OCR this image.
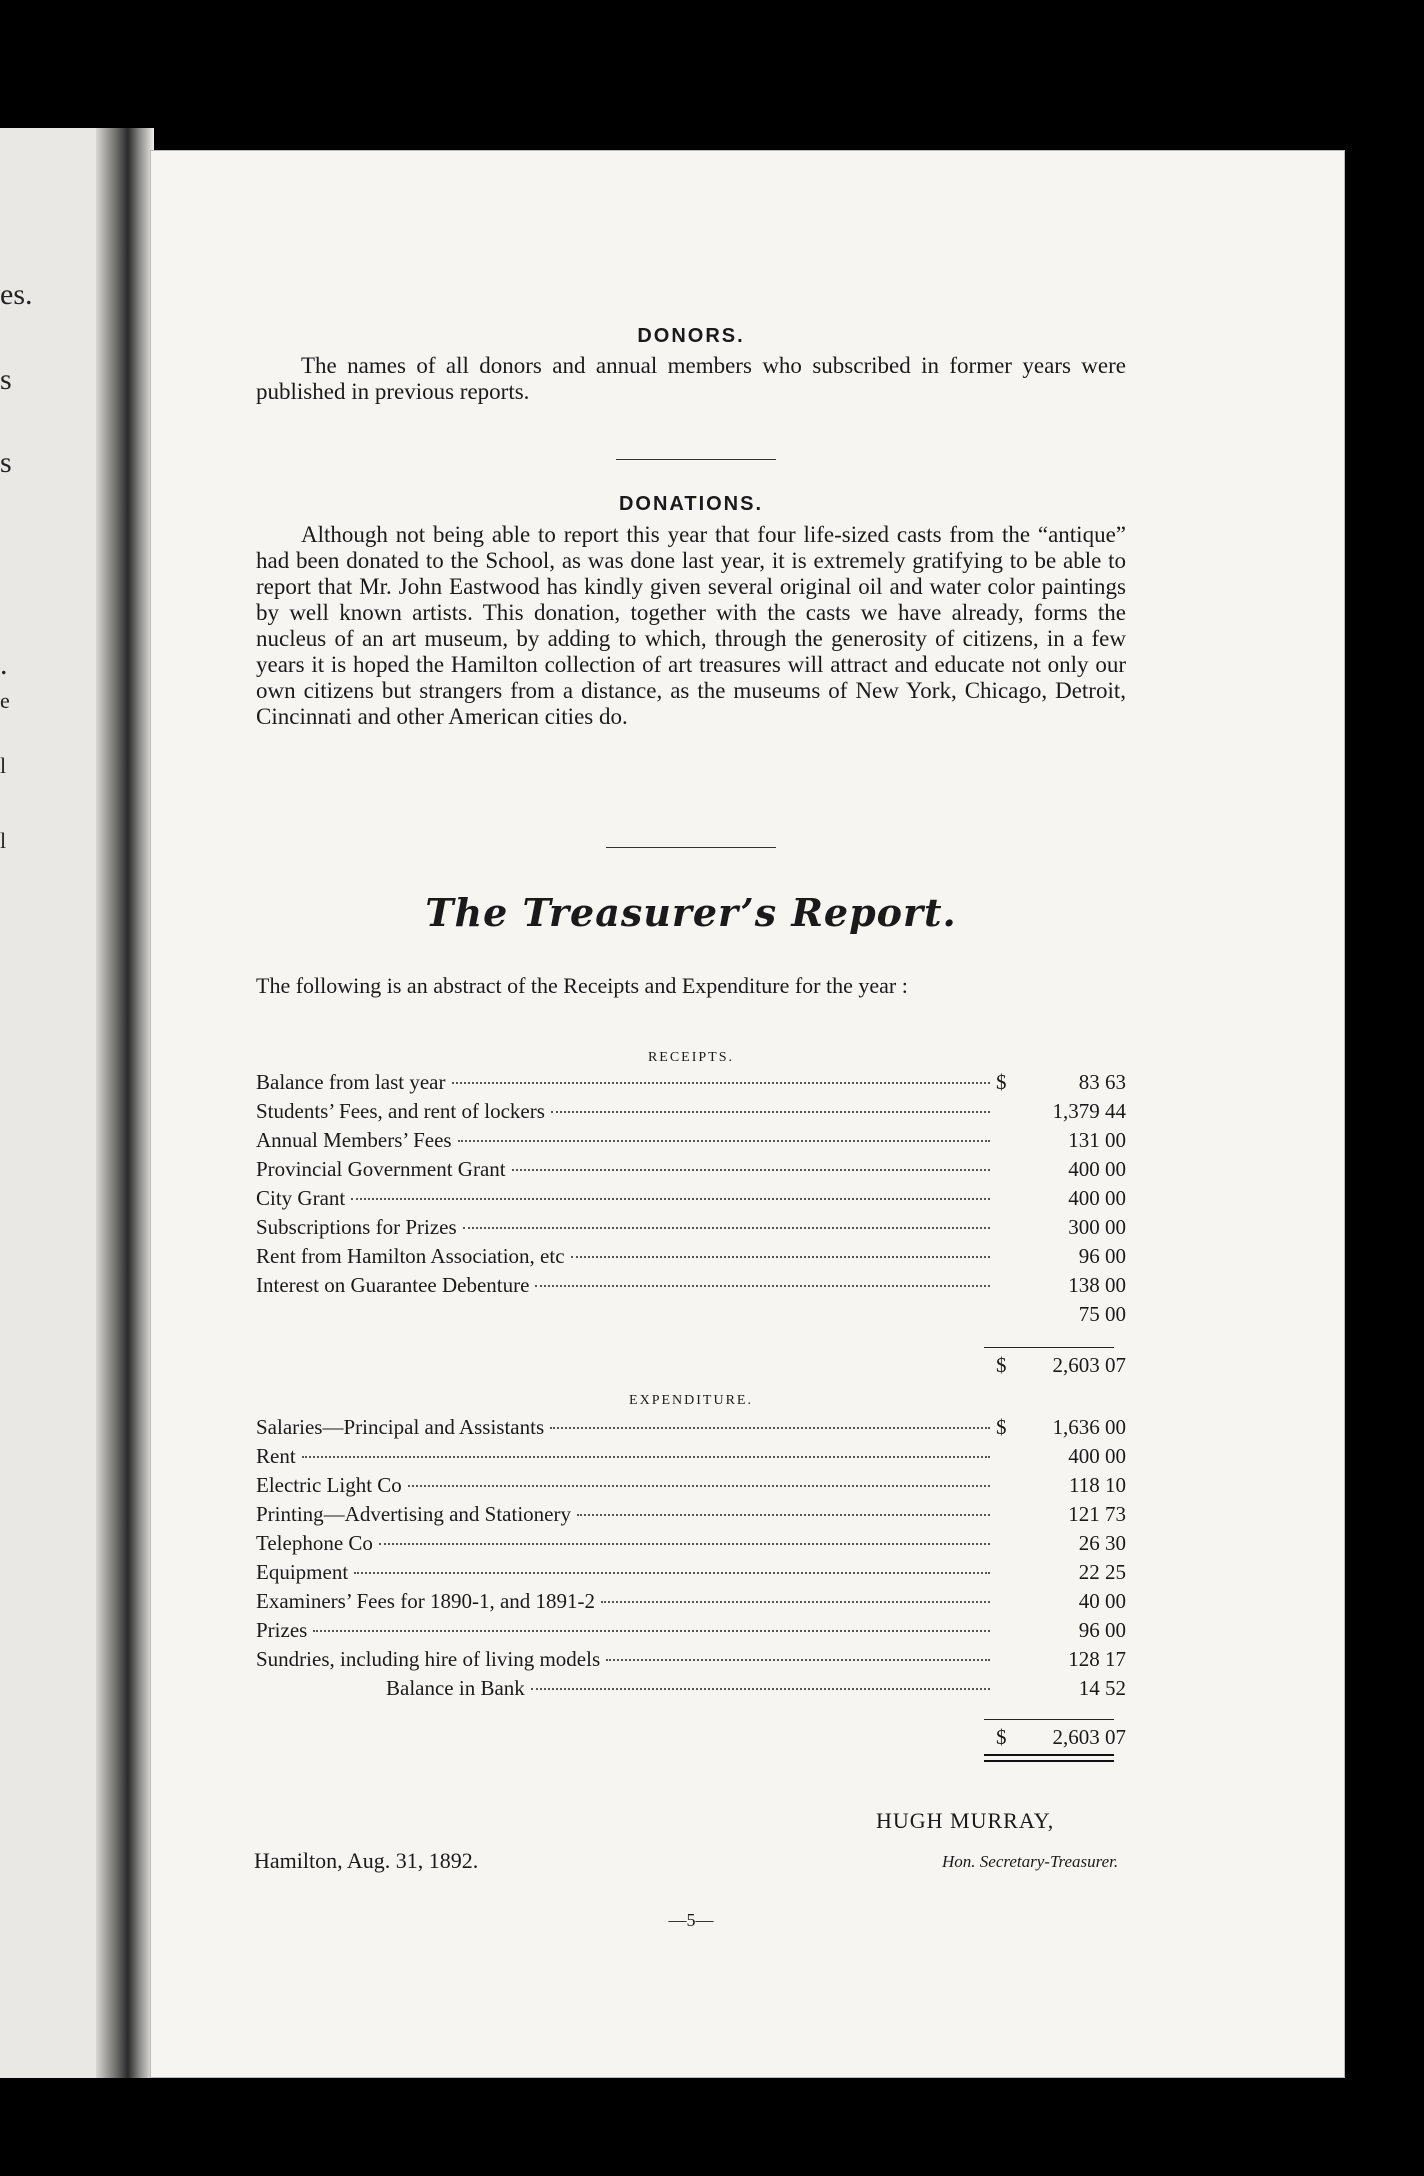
es.
s
s
.
e
l
l

DONORS.

The names of all donors and annual members who subscribed in former years were published in previous reports.

DONATIONS.

Although not being able to report this year that four life-sized casts from the “antique” had been donated to the School, as was done last year, it is extremely gratifying to be able to report that Mr. John Eastwood has kindly given several original oil and water color paintings by well known artists. This donation, together with the casts we have already, forms the nucleus of an art museum, by adding to which, through the generosity of citizens, in a few years it is hoped the Hamilton collection of art treasures will attract and educate not only our own citizens but strangers from a distance, as the museums of New York, Chicago, Detroit, Cincinnati and other American cities do.

The Treasurer’s Report.

The following is an abstract of the Receipts and Expenditure for the year :

RECEIPTS.

Balance from last year	$	83 63
Students’ Fees, and rent of lockers	1,379 44
Annual Members’ Fees	131 00
Provincial Government Grant	400 00
City Grant	400 00
Subscriptions for Prizes	300 00
Rent from Hamilton Association, etc	96 00
Interest on Guarantee Debenture	138 00
75 00
$	2,603 07

EXPENDITURE.

Salaries—Principal and Assistants	$	1,636 00
Rent	400 00
Electric Light Co	118 10
Printing—Advertising and Stationery	121 73
Telephone Co	26 30
Equipment	22 25
Examiners’ Fees for 1890-1, and 1891-2	40 00
Prizes	96 00
Sundries, including hire of living models	128 17
Balance in Bank	14 52
$	2,603 07
HUGH MURRAY,
Hamilton, Aug. 31, 1892.	Hon. Secretary-Treasurer.
—5—
